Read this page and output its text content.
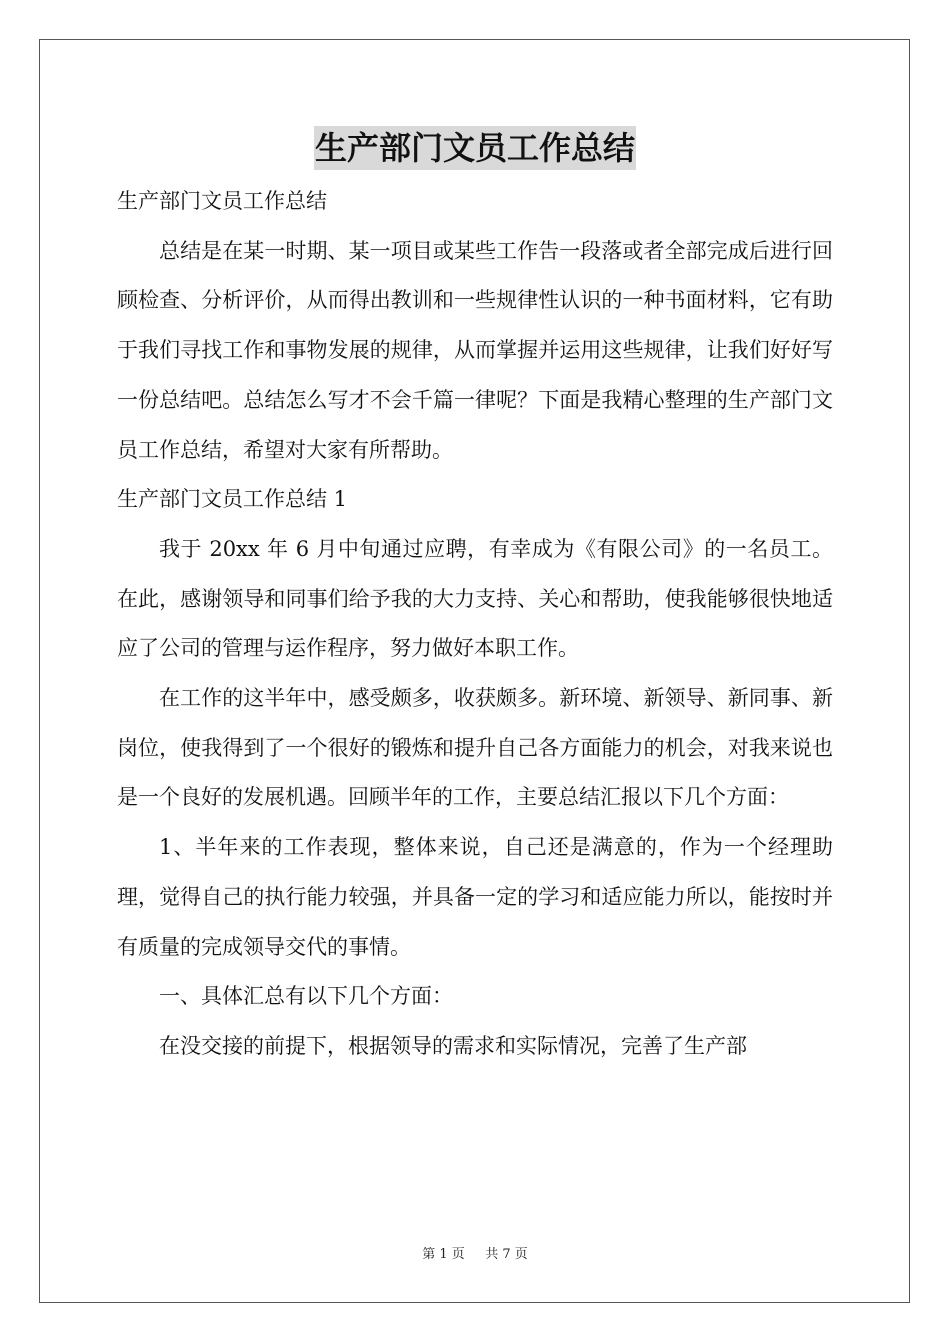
生产部门文员工作总结
生产部门文员工作总结

总结是在某一时期、某一项目或某些工作告一段落或者全部完成后进行回顾检查、分析评价，从而得出教训和一些规律性认识的一种书面材料，它有助于我们寻找工作和事物发展的规律，从而掌握并运用这些规律，让我们好好写一份总结吧。总结怎么写才不会千篇一律呢？下面是我精心整理的生产部门文员工作总结，希望对大家有所帮助。

生产部门文员工作总结 1

我于 20xx 年 6 月中旬通过应聘，有幸成为《有限公司》的一名员工。在此，感谢领导和同事们给予我的大力支持、关心和帮助，使我能够很快地适应了公司的管理与运作程序，努力做好本职工作。

在工作的这半年中，感受颇多，收获颇多。新环境、新领导、新同事、新岗位，使我得到了一个很好的锻炼和提升自己各方面能力的机会，对我来说也是一个良好的发展机遇。回顾半年的工作，主要总结汇报以下几个方面：

1、半年来的工作表现，整体来说，自己还是满意的，作为一个经理助理，觉得自己的执行能力较强，并具备一定的学习和适应能力所以，能按时并有质量的完成领导交代的事情。

一、具体汇总有以下几个方面：

在没交接的前提下，根据领导的需求和实际情况，完善了生产部

第 1 页 共 7 页
